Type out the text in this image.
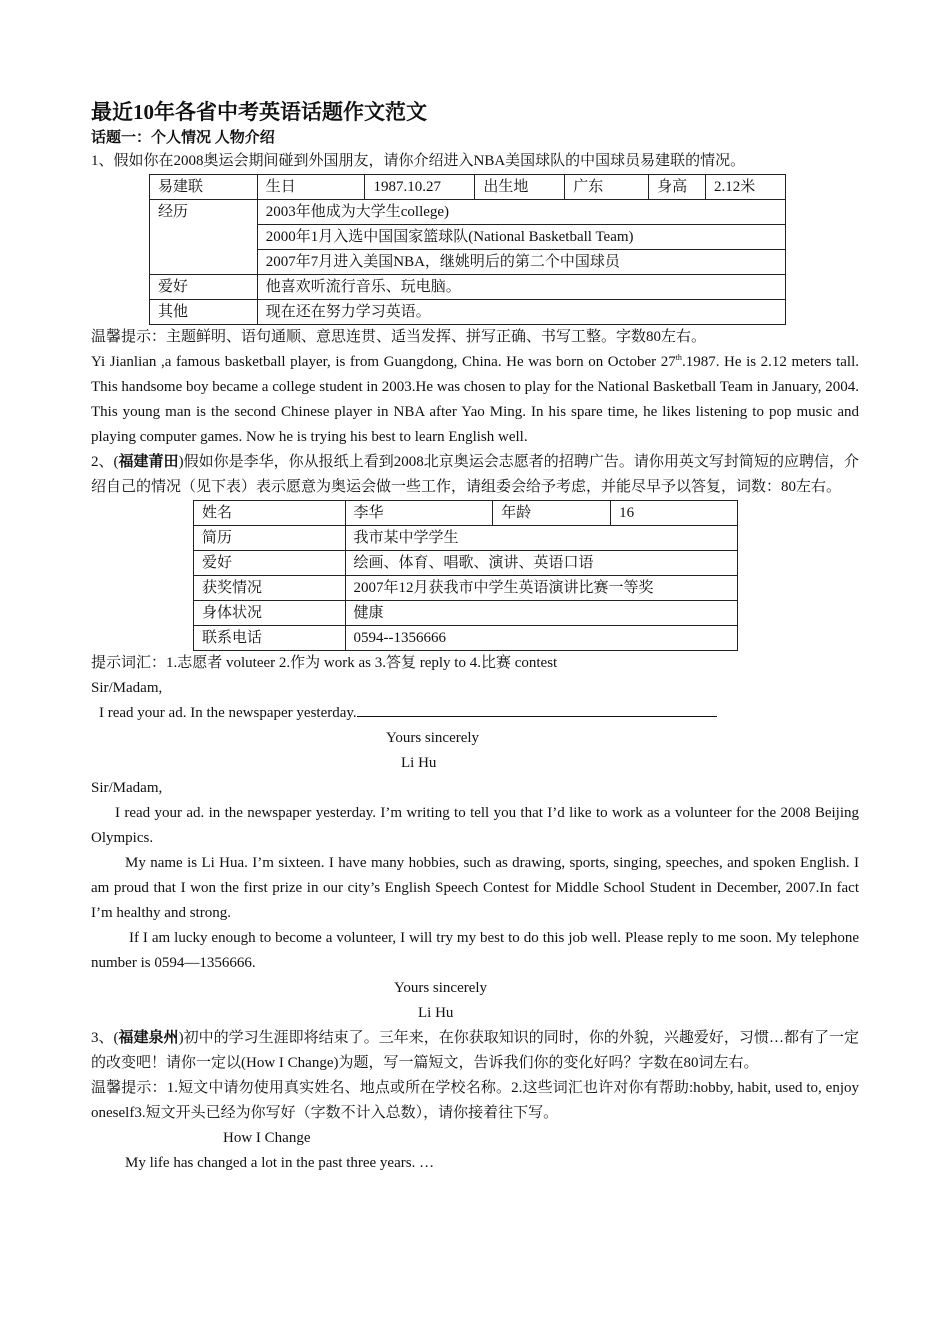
最近10年各省中考英语话题作文范文
话题一：个人情况 人物介绍

1、假如你在2008奥运会期间碰到外国朋友，请你介绍进入NBA美国球队的中国球员易建联的情况。

易建联	生日	1987.10.27	出生地	广东	身高	2.12米
经历	2003年他成为大学生college)					
	2000年1月入选中国国家篮球队(National Basketball Team)					
	2007年7月进入美国NBA，继姚明后的第二个中国球员					
爱好	他喜欢听流行音乐、玩电脑。					
其他	现在还在努力学习英语。					

温馨提示：主题鲜明、语句通顺、意思连贯、适当发挥、拼写正确、书写工整。字数80左右。

Yi Jianlian ,a famous basketball player, is from Guangdong, China. He was born on October 27th.1987. He is 2.12 meters tall. This handsome boy became a college student in 2003.He was chosen to play for the National Basketball Team in January, 2004. This young man is the second Chinese player in NBA after Yao Ming. In his spare time, he likes listening to pop music and playing computer games. Now he is trying his best to learn English well.

2、(福建莆田)假如你是李华，你从报纸上看到2008北京奥运会志愿者的招聘广告。请你用英文写封简短的应聘信，介绍自己的情况（见下表）表示愿意为奥运会做一些工作，请组委会给予考虑，并能尽早予以答复，词数：80左右。

姓名	李华	年龄	16
简历	我市某中学学生		
爱好	绘画、体育、唱歌、演讲、英语口语		
获奖情况	2007年12月获我市中学生英语演讲比赛一等奖		
身体状况	健康		
联系电话	0594--1356666		

提示词汇：1.志愿者 voluteer 2.作为 work as 3.答复 reply to 4.比赛 contest

Sir/Madam,

I read your ad. In the newspaper yesterday.

Yours sincerely

Li Hu

Sir/Madam,

I read your ad. in the newspaper yesterday. I’m writing to tell you that I’d like to work as a volunteer for the 2008 Beijing Olympics.

My name is Li Hua. I’m sixteen. I have many hobbies, such as drawing, sports, singing, speeches, and spoken English. I am proud that I won the first prize in our city’s English Speech Contest for Middle School Student in December, 2007.In fact I’m healthy and strong.

If I am lucky enough to become a volunteer, I will try my best to do this job well. Please reply to me soon. My telephone number is 0594—1356666.

Yours sincerely

Li Hu

3、(福建泉州)初中的学习生涯即将结束了。三年来，在你获取知识的同时，你的外貌，兴趣爱好，习惯…都有了一定的改变吧！请你一定以(How I Change)为题，写一篇短文，告诉我们你的变化好吗？字数在80词左右。

温馨提示：1.短文中请勿使用真实姓名、地点或所在学校名称。2.这些词汇也许对你有帮助:hobby, habit, used to, enjoy oneself3.短文开头已经为你写好（字数不计入总数），请你接着往下写。

How I Change

My life has changed a lot in the past three years. …
